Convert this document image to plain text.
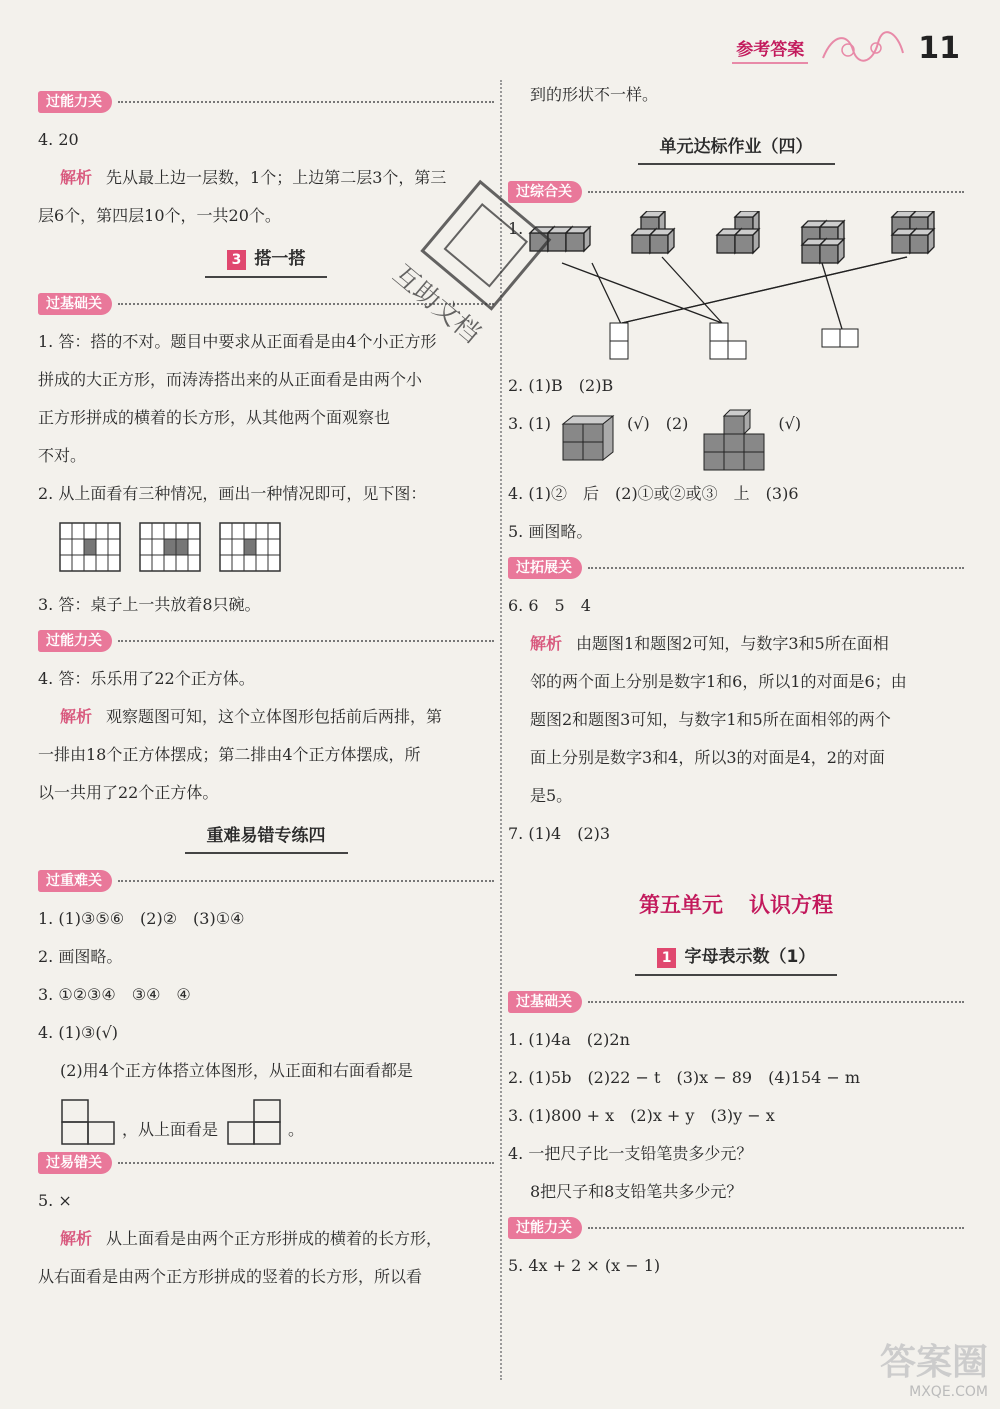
参考答案	11
过能力关
4. 20
解析 先从最上边一层数，1个；上边第二层3个，第三
层6个，第四层10个，一共20个。
3 搭一搭
过基础关
1. 答：搭的不对。题目中要求从正面看是由4个小正方形
拼成的大正方形，而涛涛搭出来的从正面看是由两个小
正方形拼成的横着的长方形，从其他两个面观察也
不对。
2. 从上面看有三种情况，画出一种情况即可，见下图：
3. 答：桌子上一共放着8只碗。
过能力关
4. 答：乐乐用了22个正方体。
解析 观察题图可知，这个立体图形包括前后两排，第
一排由18个正方体摆成；第二排由4个正方体摆成，所
以一共用了22个正方体。
重难易错专练四
过重难关
1. (1)③⑤⑥　(2)②　(3)①④
2. 画图略。
3. ①②③④　③④　④
4. (1)③(√)
(2)用4个正方体搭立体图形，从正面和右面看都是
，从上面看是	。
过易错关
5. ×
解析 从上面看是由两个正方形拼成的横着的长方形，
从右面看是由两个正方形拼成的竖着的长方形，所以看
到的形状不一样。
单元达标作业（四）
过综合关
1.
2. (1)B　(2)B
3. (1)	(√)　(2)	(√)
4. (1)②　后　(2)①或②或③　上　(3)6
5. 画图略。
过拓展关
6. 6　5　4
解析 由题图1和题图2可知，与数字3和5所在面相
邻的两个面上分别是数字1和6，所以1的对面是6；由
题图2和题图3可知，与数字1和5所在面相邻的两个
面上分别是数字3和4，所以3的对面是4，2的对面
是5。
7. (1)4　(2)3
第五单元 认识方程
1 字母表示数（1）
过基础关
1. (1)4a　(2)2n
2. (1)5b　(2)22 − t　(3)x − 89　(4)154 − m
3. (1)800 + x　(2)x + y　(3)y − x
4. 一把尺子比一支铅笔贵多少元？
8把尺子和8支铅笔共多少元？
过能力关
5. 4x + 2 × (x − 1)
互助文档
答案圈
MXQE.COM
